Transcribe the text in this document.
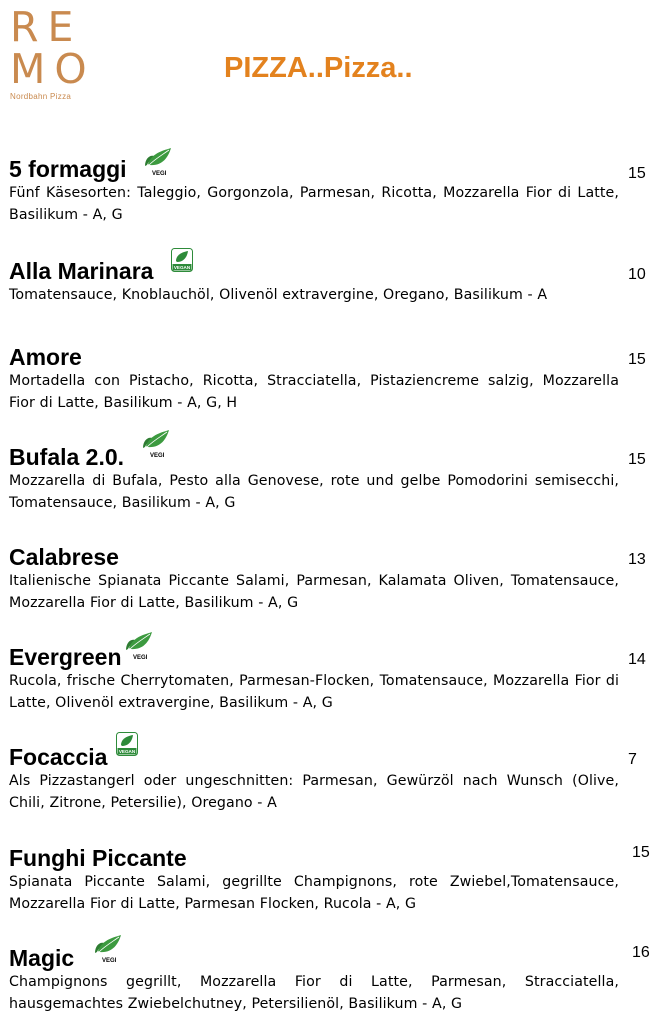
RE
MO
Nordbahn Pizza
PIZZA..Pizza..
5 formaggi
Fünf Käsesorten: Taleggio, Gorgonzola, Parmesan, Ricotta, Mozzarella Fior di Latte, Basilikum - A, G
VEGI	15
Alla Marinara
Tomatensauce, Knoblauchöl, Olivenöl extravergine, Oregano, Basilikum - A
VEGAN	10
Amore
Mortadella con Pistacho, Ricotta, Stracciatella, Pistaziencreme salzig, Mozzarella Fior di Latte, Basilikum - A, G, H
15
Bufala 2.0.
Mozzarella di Bufala, Pesto alla Genovese, rote und gelbe Pomodorini semisecchi, Tomatensauce, Basilikum - A, G
VEGI	15
Calabrese
Italienische Spianata Piccante Salami, Parmesan, Kalamata Oliven, Tomatensauce, Mozzarella Fior di Latte, Basilikum - A, G
13
Evergreen
Rucola, frische Cherrytomaten, Parmesan-Flocken, Tomatensauce, Mozzarella Fior di Latte, Olivenöl extravergine, Basilikum - A, G
VEGI	14
Focaccia
Als Pizzastangerl oder ungeschnitten: Parmesan, Gewürzöl nach Wunsch (Olive, Chili, Zitrone, Petersilie), Oregano - A
VEGAN	7
Funghi Piccante
Spianata Piccante Salami, gegrillte Champignons, rote Zwiebel,Tomatensauce, Mozzarella Fior di Latte, Parmesan Flocken, Rucola - A, G
15
Magic
Champignons gegrillt, Mozzarella Fior di Latte, Parmesan, Stracciatella, hausgemachtes Zwiebelchutney, Petersilienöl, Basilikum - A, G
VEGI	16
